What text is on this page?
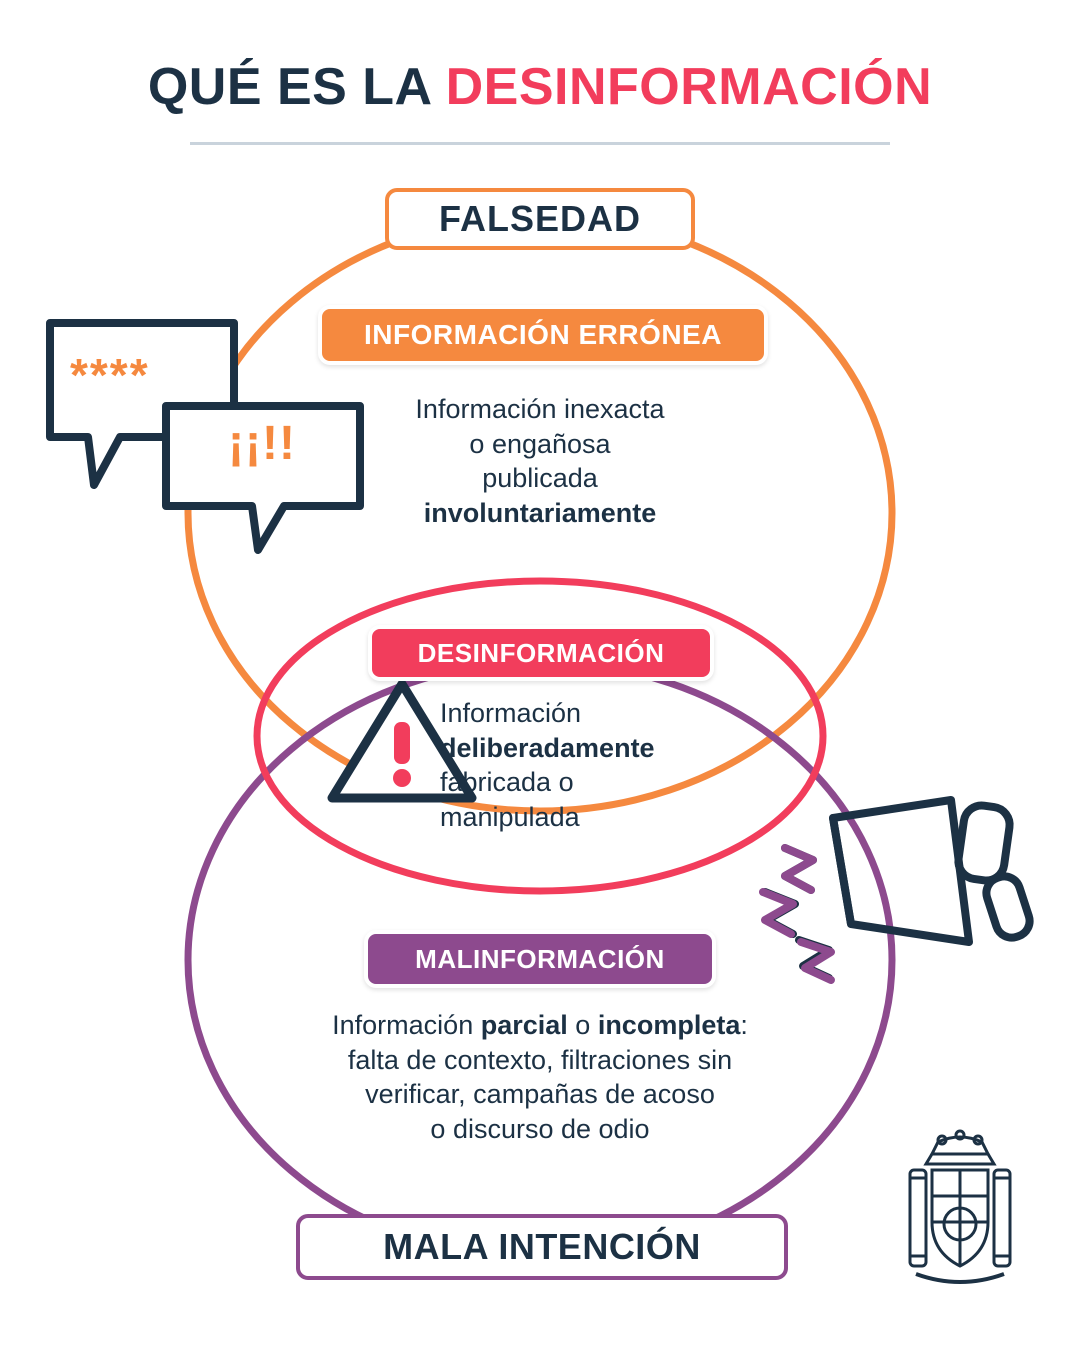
QUÉ ES LA DESINFORMACIÓN
****
¡¡!!
FALSEDAD
INFORMACIÓN ERRÓNEA
DESINFORMACIÓN
MALINFORMACIÓN
MALA INTENCIÓN
Información inexacta
o engañosa
publicada
involuntariamente
Información
deliberadamente
fabricada o
manipulada
Información parcial o incompleta:
falta de contexto, filtraciones sin
verificar, campañas de acoso
o discurso de odio
